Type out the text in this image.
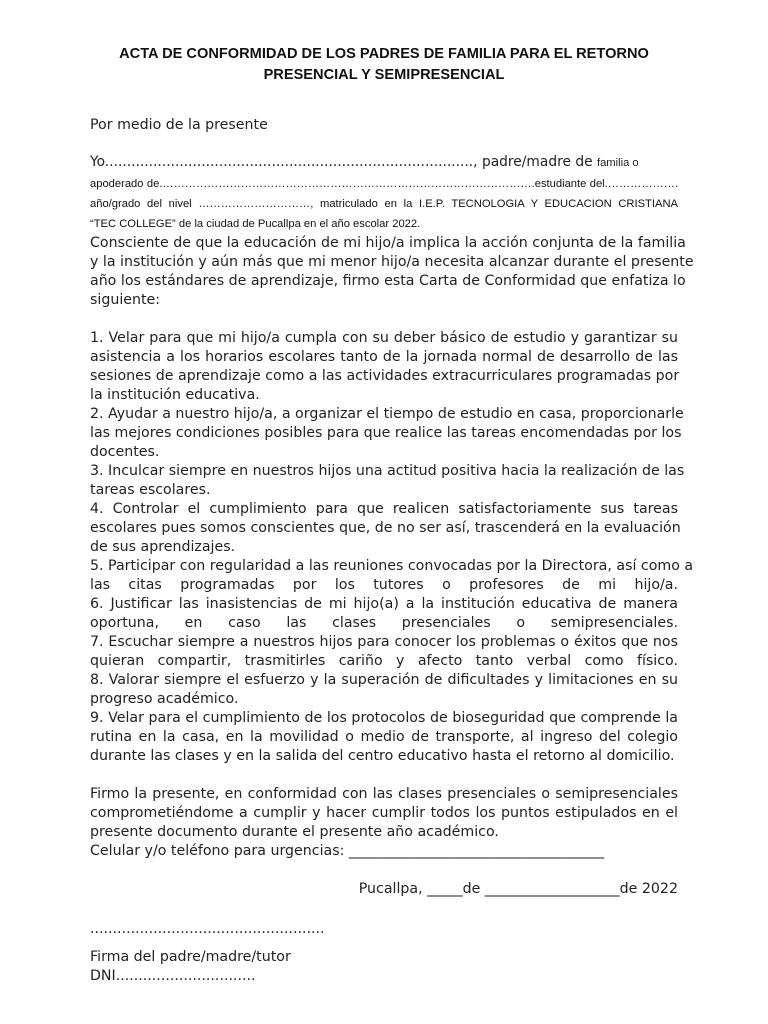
ACTA DE CONFORMIDAD DE LOS PADRES DE FAMILIA PARA EL RETORNO
PRESENCIAL Y SEMIPRESENCIAL
Por medio de la presente
Yo...................................................................................., padre/madre de familia o
apoderado de.……………………………………………………………………………………….estudiante del.……………….
año/grado del nivel …………………………, matriculado en la I.E.P. TECNOLOGIA Y EDUCACION CRISTIANA
“TEC COLLEGE” de la ciudad de Pucallpa en el año escolar 2022.
Consciente de que la educación de mi hijo/a implica la acción conjunta de la familia
y la institución y aún más que mi menor hijo/a necesita alcanzar durante el presente
año los estándares de aprendizaje, firmo esta Carta de Conformidad que enfatiza lo
siguiente:
1. Velar para que mi hijo/a cumpla con su deber básico de estudio y garantizar su
asistencia a los horarios escolares tanto de la jornada normal de desarrollo de las
sesiones de aprendizaje como a las actividades extracurriculares programadas por
la institución educativa.
2. Ayudar a nuestro hijo/a, a organizar el tiempo de estudio en casa, proporcionarle
las mejores condiciones posibles para que realice las tareas encomendadas por los
docentes.
3. Inculcar siempre en nuestros hijos una actitud positiva hacia la realización de las
tareas escolares.
4. Controlar el cumplimiento para que realicen satisfactoriamente sus tareas
escolares pues somos conscientes que, de no ser así, trascenderá en la evaluación
de sus aprendizajes.
5. Participar con regularidad a las reuniones convocadas por la Directora, así como a
las citas programadas por los tutores o profesores de mi hijo/a.
6. Justificar las inasistencias de mi hijo(a) a la institución educativa de manera
oportuna, en caso las clases presenciales o semipresenciales.
7. Escuchar siempre a nuestros hijos para conocer los problemas o éxitos que nos
quieran compartir, trasmitirles cariño y afecto tanto verbal como físico.
8. Valorar siempre el esfuerzo y la superación de dificultades y limitaciones en su
progreso académico.
9. Velar para el cumplimiento de los protocolos de bioseguridad que comprende la
rutina en la casa, en la movilidad o medio de transporte, al ingreso del colegio
durante las clases y en la salida del centro educativo hasta el retorno al domicilio.
Firmo la presente, en conformidad con las clases presenciales o semipresenciales
comprometiéndome a cumplir y hacer cumplir todos los puntos estipulados en el
presente documento durante el presente año académico.
Celular y/o teléfono para urgencias: ____________________________________
Pucallpa, _____de ___________________de 2022
....................................................
Firma del padre/madre/tutor
DNI...............................
